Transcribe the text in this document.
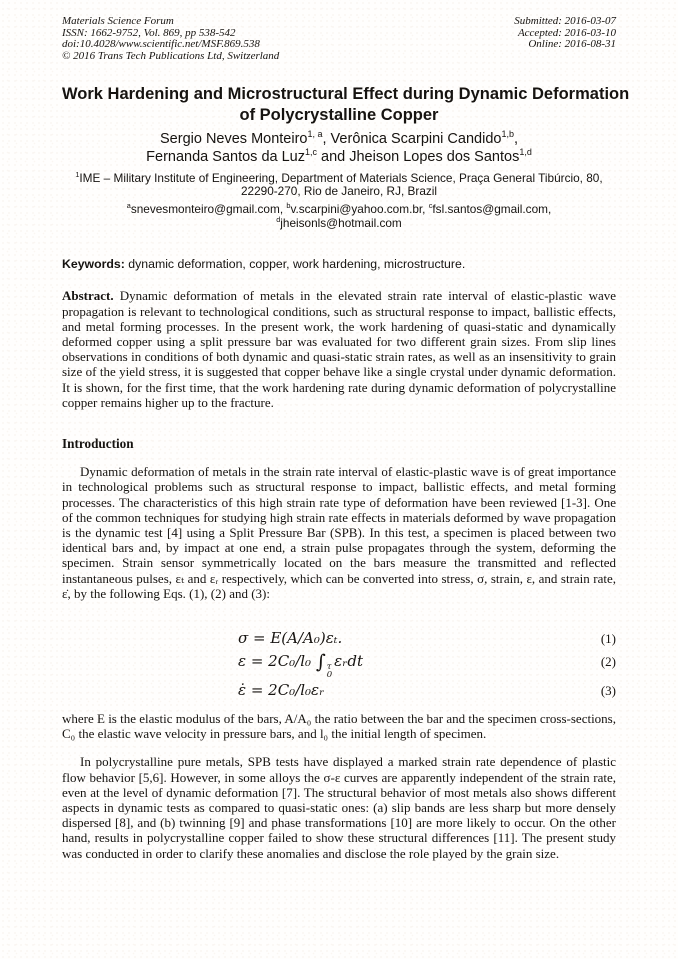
Materials Science Forum
ISSN: 1662-9752, Vol. 869, pp 538-542
doi:10.4028/www.scientific.net/MSF.869.538
© 2016 Trans Tech Publications Ltd, Switzerland
Submitted: 2016-03-07
Accepted: 2016-03-10
Online: 2016-08-31
Work Hardening and Microstructural Effect during Dynamic Deformation
of Polycrystalline Copper
Sergio Neves Monteiro$^{1, a}$, Verônica Scarpini Candido$^{1,b}$,
Fernanda Santos da Luz$^{1,c}$ and Jheison Lopes dos Santos$^{1,d}$
$^1$IME – Military Institute of Engineering, Department of Materials Science, Praça General Tibúrcio, 80, 22290-270, Rio de Janeiro, RJ, Brazil
$^a$snevesmonteiro@gmail.com, $^b$v.scarpini@yahoo.com.br, $^c$fsl.santos@gmail.com,
$^d$jheisonls@hotmail.com

Keywords: dynamic deformation, copper, work hardening, microstructure.

Abstract. Dynamic deformation of metals in the elevated strain rate interval of elastic-plastic wave propagation is relevant to technological conditions, such as structural response to impact, ballistic effects, and metal forming processes. In the present work, the work hardening of quasi-static and dynamically deformed copper using a split pressure bar was evaluated for two different grain sizes. From slip lines observations in conditions of both dynamic and quasi-static strain rates, as well as an insensitivity to grain size of the yield stress, it is suggested that copper behave like a single crystal under dynamic deformation. It is shown, for the first time, that the work hardening rate during dynamic deformation of polycrystalline copper remains higher up to the fracture.

Introduction

Dynamic deformation of metals in the strain rate interval of elastic-plastic wave is of great importance in technological problems such as structural response to impact, ballistic effects, and metal forming processes. The characteristics of this high strain rate type of deformation have been reviewed [1-3]. One of the common techniques for studying high strain rate effects in materials deformed by wave propagation is the dynamic test [4] using a Split Pressure Bar (SPB). In this test, a specimen is placed between two identical bars and, by impact at one end, a strain pulse propagates through the system, deforming the specimen. Strain sensor symmetrically located on the bars measure the transmitted and reflected instantaneous pulses, εₜ and εᵣ respectively, which can be converted into stress, σ, strain, ε, and strain rate, ε̇, by the following Eqs. (1), (2) and (3):

σ = E(A/A₀)εₜ.	(1)
ε = 2C₀/l₀ ∫ τ
0
εᵣdt	(2)
ε̇ = 2C₀/l₀εᵣ	(3)

where E is the elastic modulus of the bars, A/A₀ the ratio between the bar and the specimen cross-sections, C₀ the elastic wave velocity in pressure bars, and l₀ the initial length of specimen.

In polycrystalline pure metals, SPB tests have displayed a marked strain rate dependence of plastic flow behavior [5,6]. However, in some alloys the σ-ε curves are apparently independent of the strain rate, even at the level of dynamic deformation [7]. The structural behavior of most metals also shows different aspects in dynamic tests as compared to quasi-static ones: (a) slip bands are less sharp but more densely dispersed [8], and (b) twinning [9] and phase transformations [10] are more likely to occur. On the other hand, results in polycrystalline copper failed to show these structural differences [11]. The present study was conducted in order to clarify these anomalies and disclose the role played by the grain size.
